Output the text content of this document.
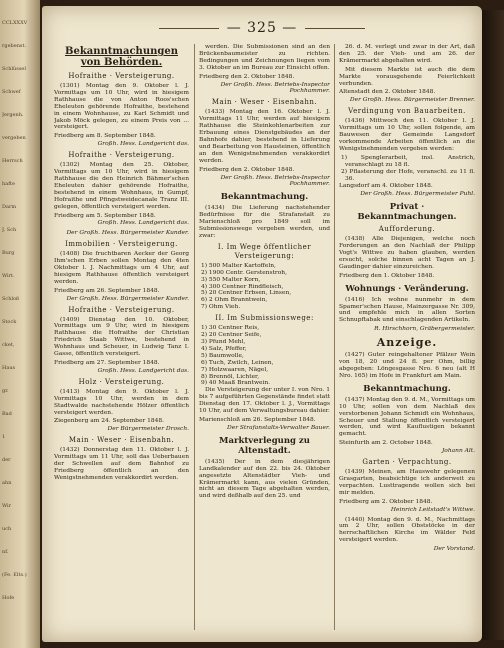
CCLXXXV
rgebenst.
Schlüssel
Schwef
Jergenh.
vergeben
Herrsch
hafte
Darm
J. Sch
Burg
Wirt.
Schloß
Stock
cket,
Haus
gr.
Bad
1
der
ahn
Wir
uch
nf.
(Fe. Elts.)
Hofe
— 325 —
Bekanntmachungen von Behörden.
Hofraithe · Versteigerung.

(1301) Montag den 9. Oktober l. J. Vormittags um 10 Uhr, wird in hiesigem Rathhause die von Anton Roos'schen Eheleuten gehörende Hofraithe, bestehend in einem Wohnhause, zu Karl Schmidt und Jakob Möck gelegen, zu einem Preis von ... versteigert.

Friedberg am 8. September 1848.
Großh. Hess. Landgericht das.
Hofraithe · Versteigerung.

(1302) Montag den 25. Oktober, Vormittags um 10 Uhr, wird in hiesigem Rathhause die den Heinrich Bähmer'schen Eheleuten dahier gehörende Hofraithe, bestehend in einem Wohnhaus, in Gumpf, Hofraithe und Pfingstweidecanale Tranz III. gelegen, öffentlich versteigert werden.

Friedberg am 5. September 1848.
Großh. Hess. Landgericht das.
Der Großh. Hess. Bürgermeister Kunder.
Immobilien · Versteigerung.

(1408) Die fruchtbaren Aecker der Georg Ihm'schen Erben sollen Montag den 4ten Oktober l. J. Nachmittags um 4 Uhr, auf hiesigem Rathhause öffentlich versteigert werden.

Friedberg am 26. September 1848.
Der Großh. Hess. Bürgermeister Kunder.
Hofraithe · Versteigerung.

(1409) Dienstag den 10. Oktober, Vormittags um 9 Uhr, wird in hiesigem Rathhause die Hofraithe der Christian Friedrich Staab Wittwe, bestehend in Wohnhaus und Scheuer, in Ludwig Tanz I. Gasse, öffentlich versteigert.

Friedberg am 27. September 1848.
Großh. Hess. Landgericht das.
Holz · Versteigerung.

(1413) Montag den 9. Oktober l. J. Vormittags 10 Uhr, werden in dem Stadtwalde nachstehende Hölzer öffentlich versteigert werden.

Ziegenberg am 24. September 1848.
Der Bürgermeister Drosch.
Main · Weser · Eisenbahn.

(1432) Donnerstag den 11. Oktober l. J. Vormittags um 11 Uhr, soll das Ueberbauen der Schwellen auf dem Bahnhof zu Friedberg öffentlich an den Wenigstnehmenden verakkordirt werden.

werden. Die Submissionen sind an den Brückenbaumeister zu richten. Bedingungen und Zeichnungen liegen vom 3. Oktober an im Bureau zur Einsicht offen.

Friedberg den 2. Oktober 1848.
Der Großh. Hess. Betriebs-Inspector Pochhammer.
Main · Weser · Eisenbahn.

(1433) Montag den 16. Oktober l. J. Vormittags 11 Uhr, werden auf hiesigem Rathhause die Steinkohlenarbeiten zur Erbauung eines Dienstgebäudes an der Bahnhofe dahier, bestehend in Lieferung und Bearbeitung von Hausteinen, öffentlich an den Wenigstnehmenden verakkordirt werden.

Friedberg den 2. Oktober 1848.
Der Großh. Hess. Betriebs-Inspector Pochhammer.
Bekanntmachung.

(1434) Die Lieferung nachstehender Bedürfnisse für die Strafanstalt zu Marienschloß pro 1849 soll im Submissionswege vergeben werden, und zwar:

I. Im Wege öffentlicher Versteigerung:
1) 500 Malter Kartoffeln,
2) 1900 Centr. Gerstenstroh,
3) 550 Malter Korn,
4) 300 Centner Rindfleisch,
5) 20 Centner Erbsen, Linsen,
6) 2 Ohm Branntwein,
7) Ohm Vieh.
II. Im Submissionswege:
1) 30 Centner Reis,
2) 20 Centner Seife,
3) Pfund Mehl,
4) Salz, Pfeffer,
5) Baumwolle,
6) Tuch, Zwilch, Leinen,
7) Holzwaaren, Nägel,
8) Brennöl, Lichter,
9) 40 Maaß Brantwein.

Die Versteigerung der unter I. von Nro. 1 bis 7 aufgeführten Gegenstände findet statt Dienstag den 17. Oktober l. J., Vormittags 10 Uhr, auf dem Verwaltungsbureau dahier.

Marienschloß am 26. September 1848.
Der Strafanstalts-Verwalter Bauer.
Marktverlegung zu Altenstadt.

(1435) Der in dem diesjährigen Landkalender auf den 22. bis 24. Oktober angesetzte Altenstädter Vieh- und Krämermarkt kann, aus vielen Gründen, nicht an diesem Tage abgehalten werden, und wird deßhalb auf den 25. und

26. d. M. verlegt und zwar in der Art, daß den 25. der Vieh- und am 26. der Krämermarkt abgehalten wird.

Mit diesem Markte ist auch die dem Markte vorausgehende Feierlichkeit verbunden.

Altenstadt den 2. Oktober 1848.
Der Großh. Hess. Bürgermeister Brenner.
Verdingung von Bauarbeiten.

(1436) Mittwoch den 11. Oktober l. J. Vormittags um 10 Uhr, sollen folgende, am Bauwesen der Gemeinde Langsdorf vorkommende Arbeiten öffentlich an die Wenigstnehmenden vergeben werden:

1) Spenglerarbeit, insl. Anstrich, veranschlagt zu 18 fl.
2) Pflasterung der Hofe, veranschl. zu 11 fl. 36.
Langsdorf am 4. Oktober 1848.
Der Großh. Hess. Bürgermeister Puhl.
Privat · Bekanntmachungen.
Aufforderung.

(1438) Alle Diejenigen, welche noch Forderungen an den Nachlaß der Philipp Vogt's Wittwe zu haben glauben, werden ersucht, solche binnen acht Tagen an J. Gaudinger dahier einzureichen.

Friedberg den 1. Oktober 1848.
Wohnungs · Veränderung.

(1416) Ich wohne nunmehr in dem Spamer'schen Hause, Mainzergasse Nr. 309, und empfehle mich in allen Sorten Schnupftabak und einschlagenden Artikeln.

R. Hirschhorn, Gräbergermeister.
Anzeige.

(1427) Guter reingehaltener Pfälzer Wein von 18, 20 und 24 fl. per Ohm, billig abgegeben: Löngesgasse Nro. 6 neu (alt H Nro. 165) im Hofe in Frankfurt am Main.

Bekanntmachung.

(1437) Montag den 9. d. M., Vormittags um 10 Uhr, sollen von dem Nachlaß des verstorbenen Johann Schmidt ein Wohnhaus, Scheuer und Stallung öffentlich versteigert werden, und wird Kauflustigen bekannt gemacht.

Steinfurth am 2. October 1848.
Johann Alt.
Garten · Verpachtung.

(1439) Meinen, am Hauswehr gelegenen Grasgarten, beabsichtige ich anderweit zu verpachten. Lusttragende wollen sich bei mir melden.

Friedberg am 2. Oktober 1848.
Heinrich Leitstadt's Wittwe.

(1440) Montag den 9. d. M., Nachmittags um 2 Uhr, sollen Obststöcke in der herrschaftlichen Kirche im Wälder Feld versteigert werden.

Der Vorstand.
